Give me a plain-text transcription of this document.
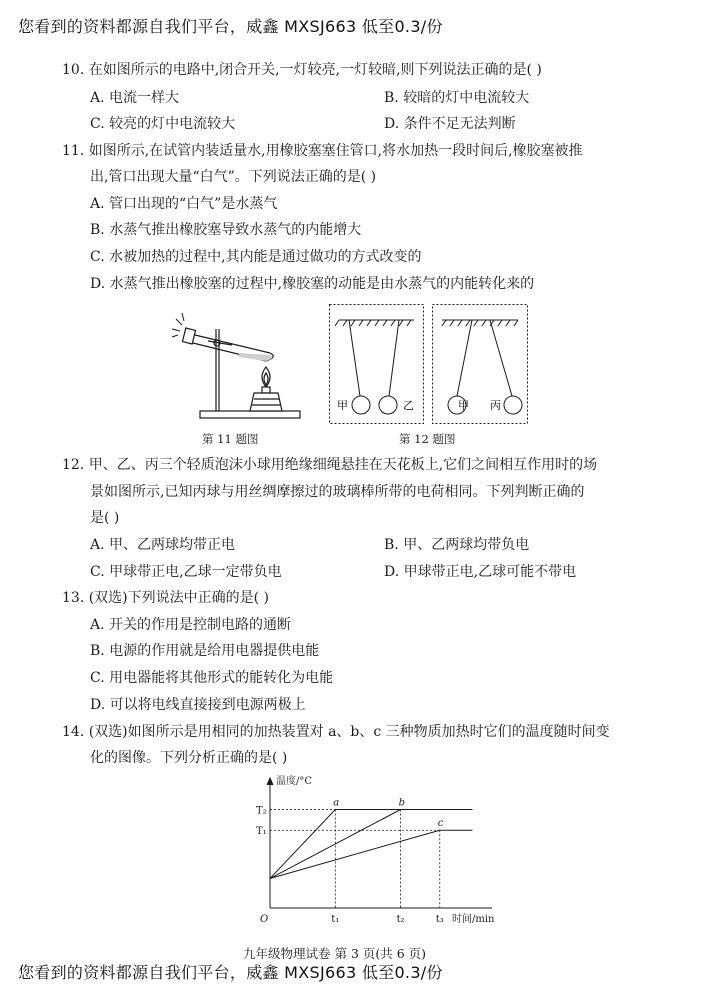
您看到的资料都源自我们平台，威鑫 MXSJ663 低至0.3/份
10. 在如图所示的电路中,闭合开关,一灯较亮,一灯较暗,则下列说法正确的是( )
A. 电流一样大	B. 较暗的灯中电流较大
C. 较亮的灯中电流较大	D. 条件不足无法判断
11. 如图所示,在试管内装适量水,用橡胶塞塞住管口,将水加热一段时间后,橡胶塞被推
出,管口出现大量“白气”。下列说法正确的是( )
A. 管口出现的“白气”是水蒸气
B. 水蒸气推出橡胶塞导致水蒸气的内能增大
C. 水被加热的过程中,其内能是通过做功的方式改变的
D. 水蒸气推出橡胶塞的过程中,橡胶塞的动能是由水蒸气的内能转化来的
第 11 题图
甲	乙	甲 丙
第 12 题图
12. 甲、乙、丙三个轻质泡沫小球用绝缘细绳悬挂在天花板上,它们之间相互作用时的场
景如图所示,已知丙球与用丝绸摩擦过的玻璃棒所带的电荷相同。下列判断正确的
是( )
A. 甲、乙两球均带正电	B. 甲、乙两球均带负电
C. 甲球带正电,乙球一定带负电	D. 甲球带正电,乙球可能不带电
13. (双选)下列说法中正确的是( )
A. 开关的作用是控制电路的通断
B. 电源的作用就是给用电器提供电能
C. 用电器能将其他形式的能转化为电能
D. 可以将电线直接接到电源两极上
14. (双选)如图所示是用相同的加热装置对 a、b、c 三种物质加热时它们的温度随时间变
化的图像。下列分析正确的是( )
T₂
T₁
t₁	t₂	t₃
a	b
c
温度/°C
时间/min
O
九年级物理试卷 第 3 页(共 6 页)
您看到的资料都源自我们平台，威鑫 MXSJ663 低至0.3/份
